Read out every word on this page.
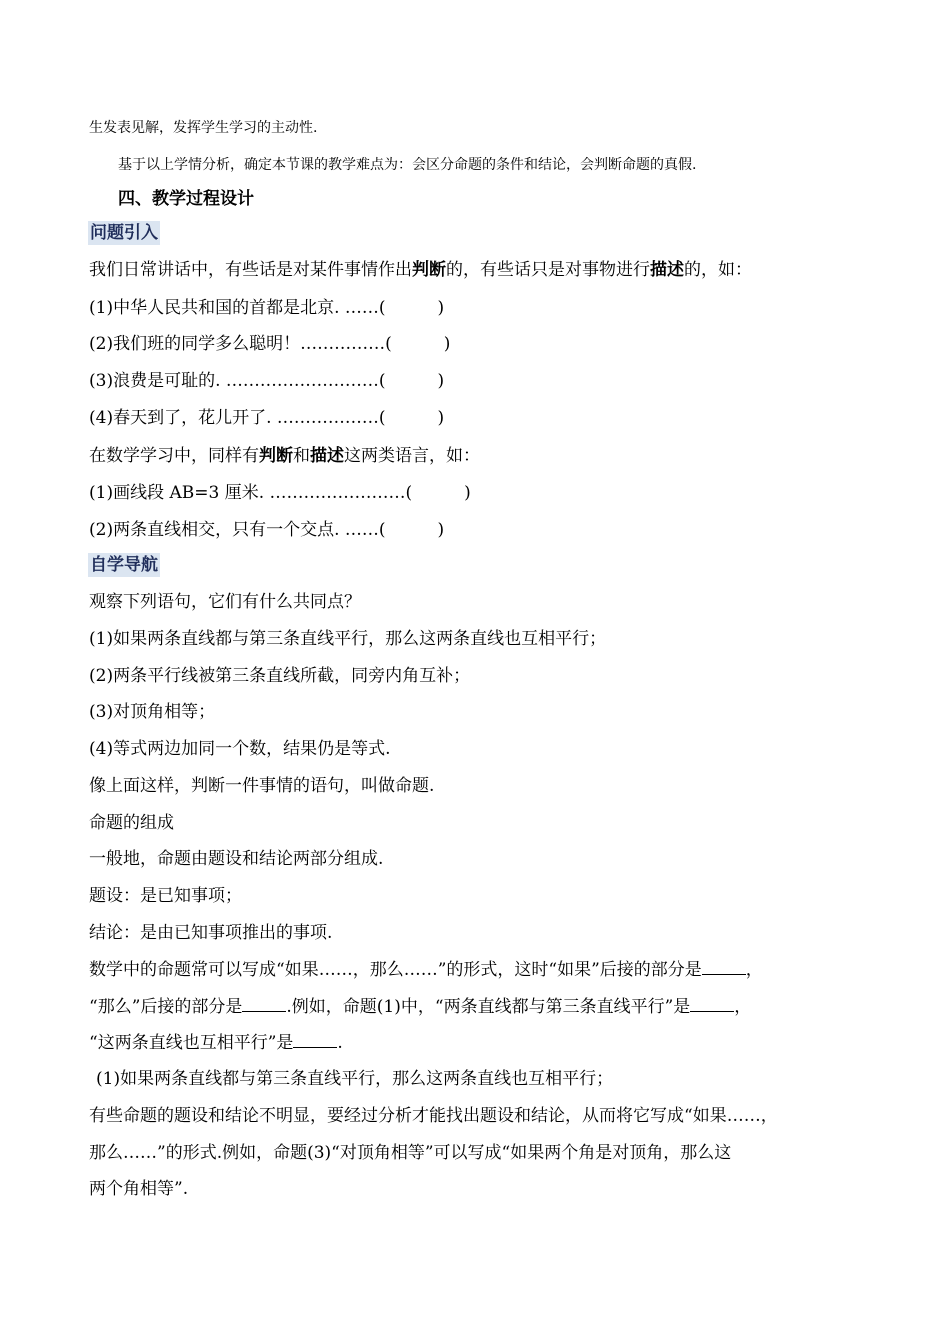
生发表见解，发挥学生学习的主动性.
基于以上学情分析，确定本节课的教学难点为：会区分命题的条件和结论，会判断命题的真假.
四、教学过程设计
问题引入
我们日常讲话中，有些话是对某件事情作出判断的，有些话只是对事物进行描述的，如：
(1)中华人民共和国的首都是北京. ……(	)
(2)我们班的同学多么聪明！……………(	)
(3)浪费是可耻的. ………………………(	)
(4)春天到了，花儿开了. ………………(	)
在数学学习中，同样有判断和描述这两类语言，如：
(1)画线段 AB=3 厘米. ……………………(	)
(2)两条直线相交，只有一个交点. ……(	)
自学导航
观察下列语句，它们有什么共同点？
(1)如果两条直线都与第三条直线平行，那么这两条直线也互相平行；
(2)两条平行线被第三条直线所截，同旁内角互补；
(3)对顶角相等；
(4)等式两边加同一个数，结果仍是等式.
像上面这样，判断一件事情的语句，叫做命题.
命题的组成
一般地，命题由题设和结论两部分组成.
题设：是已知事项；
结论：是由已知事项推出的事项.
数学中的命题常可以写成“如果……，那么……”的形式，这时“如果”后接的部分是	，
“那么”后接的部分是	.例如，命题(1)中，“两条直线都与第三条直线平行”是	，
“这两条直线也互相平行”是	.
(1)如果两条直线都与第三条直线平行，那么这两条直线也互相平行；
有些命题的题设和结论不明显，要经过分析才能找出题设和结论，从而将它写成“如果……，
那么……”的形式.例如，命题(3)“对顶角相等”可以写成“如果两个角是对顶角，那么这
两个角相等”.
